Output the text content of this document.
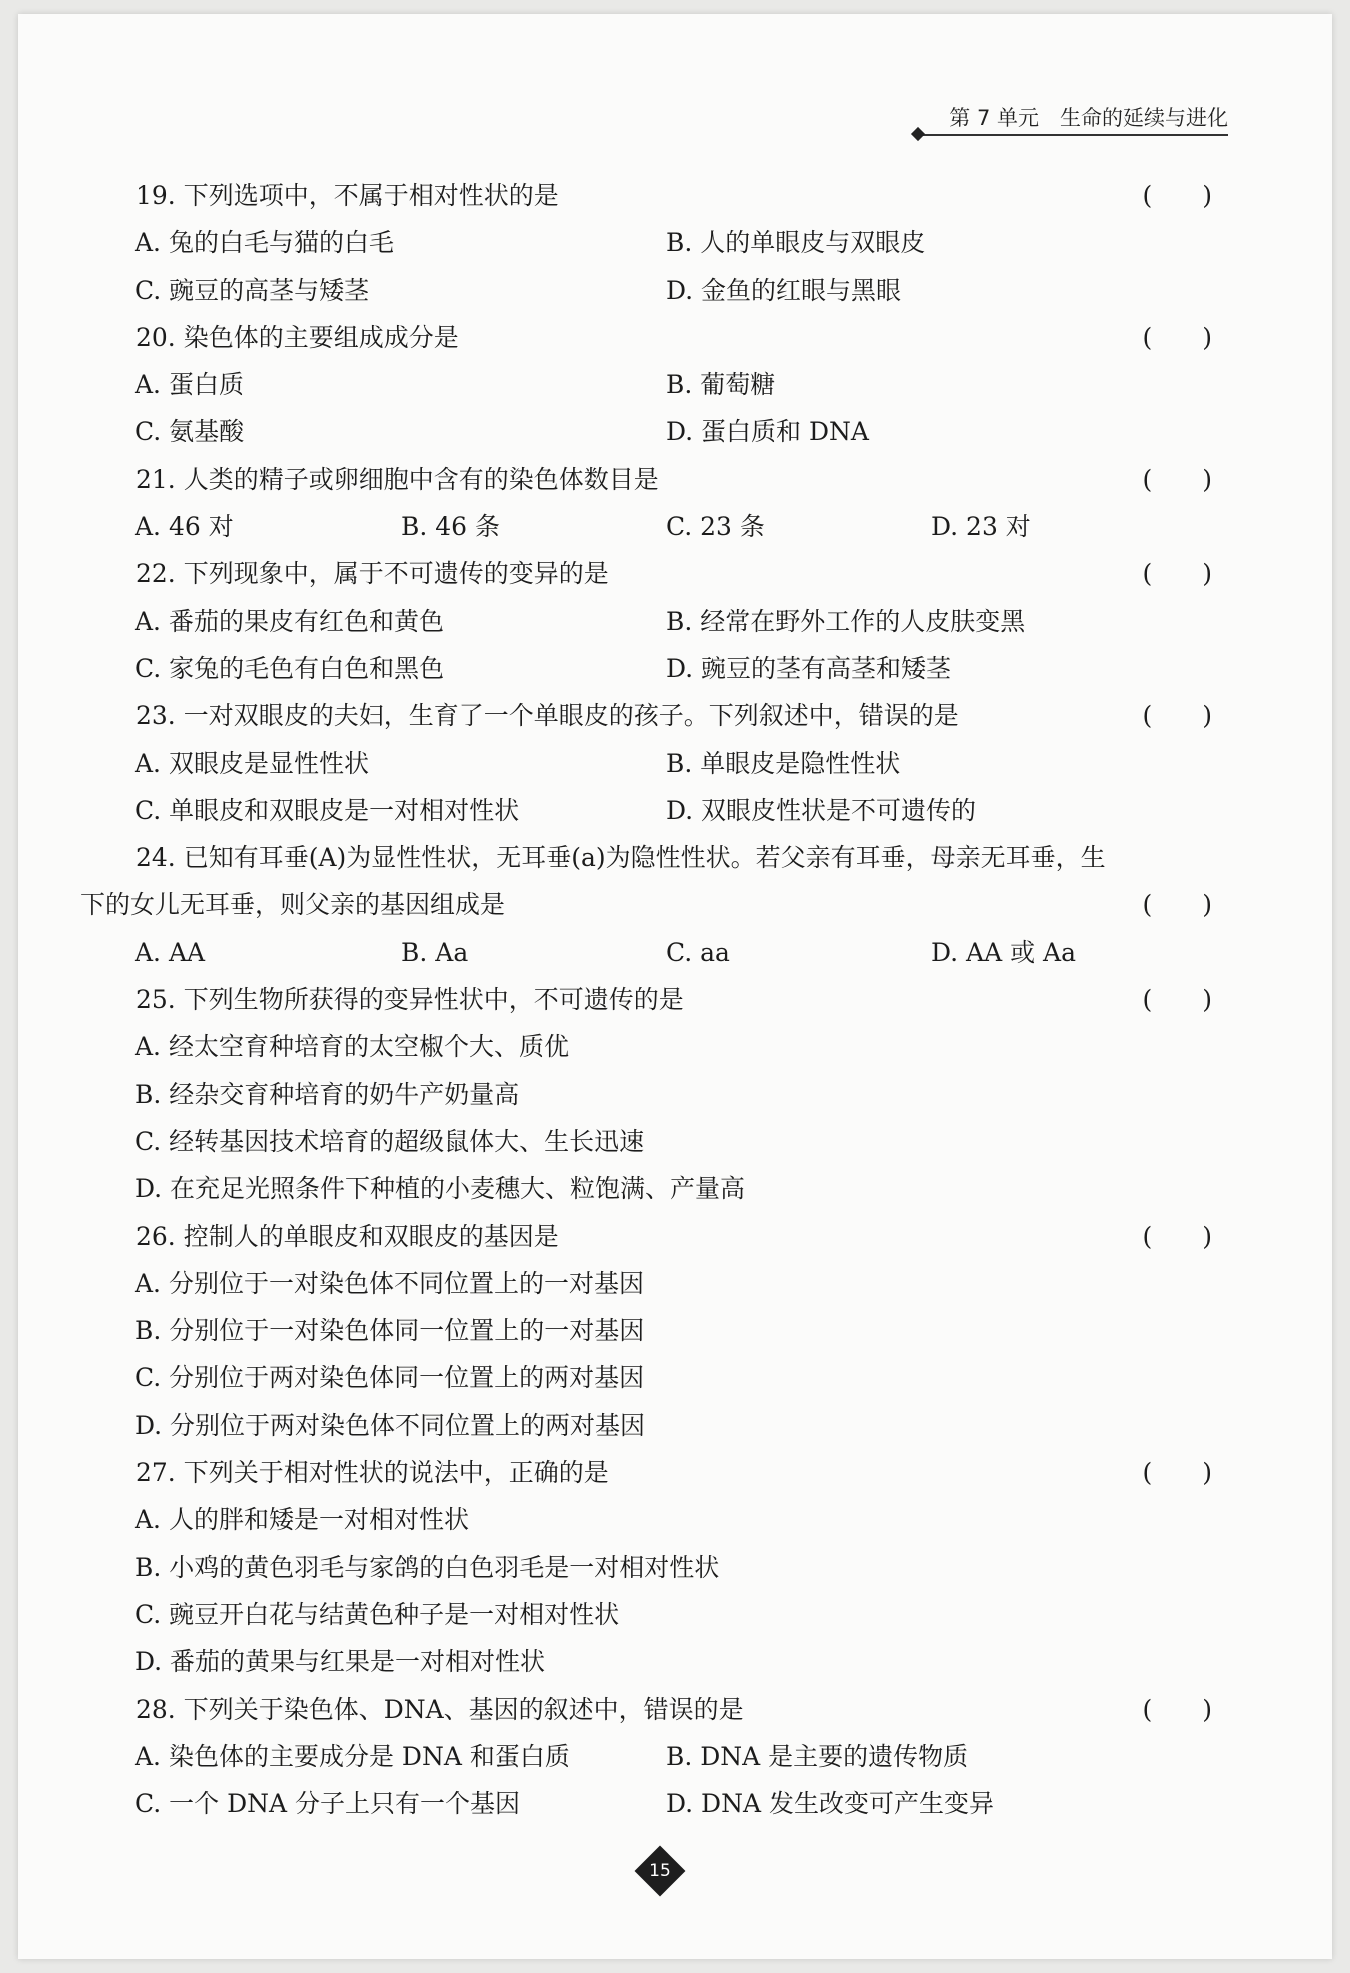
第 7 单元　生命的延续与进化
19. 下列选项中，不属于相对性状的是	(　　)
A. 兔的白毛与猫的白毛	B. 人的单眼皮与双眼皮
C. 豌豆的高茎与矮茎	D. 金鱼的红眼与黑眼
20. 染色体的主要组成成分是	(　　)
A. 蛋白质	B. 葡萄糖
C. 氨基酸	D. 蛋白质和 DNA
21. 人类的精子或卵细胞中含有的染色体数目是	(　　)
A. 46 对	B. 46 条	C. 23 条	D. 23 对
22. 下列现象中，属于不可遗传的变异的是	(　　)
A. 番茄的果皮有红色和黄色	B. 经常在野外工作的人皮肤变黑
C. 家兔的毛色有白色和黑色	D. 豌豆的茎有高茎和矮茎
23. 一对双眼皮的夫妇，生育了一个单眼皮的孩子。下列叙述中，错误的是	(　　)
A. 双眼皮是显性性状	B. 单眼皮是隐性性状
C. 单眼皮和双眼皮是一对相对性状	D. 双眼皮性状是不可遗传的
24. 已知有耳垂(A)为显性性状，无耳垂(a)为隐性性状。若父亲有耳垂，母亲无耳垂，生
下的女儿无耳垂，则父亲的基因组成是	(　　)
A. AA	B. Aa	C. aa	D. AA 或 Aa
25. 下列生物所获得的变异性状中，不可遗传的是	(　　)
A. 经太空育种培育的太空椒个大、质优
B. 经杂交育种培育的奶牛产奶量高
C. 经转基因技术培育的超级鼠体大、生长迅速
D. 在充足光照条件下种植的小麦穗大、粒饱满、产量高
26. 控制人的单眼皮和双眼皮的基因是	(　　)
A. 分别位于一对染色体不同位置上的一对基因
B. 分别位于一对染色体同一位置上的一对基因
C. 分别位于两对染色体同一位置上的两对基因
D. 分别位于两对染色体不同位置上的两对基因
27. 下列关于相对性状的说法中，正确的是	(　　)
A. 人的胖和矮是一对相对性状
B. 小鸡的黄色羽毛与家鸽的白色羽毛是一对相对性状
C. 豌豆开白花与结黄色种子是一对相对性状
D. 番茄的黄果与红果是一对相对性状
28. 下列关于染色体、DNA、基因的叙述中，错误的是	(　　)
A. 染色体的主要成分是 DNA 和蛋白质	B. DNA 是主要的遗传物质
C. 一个 DNA 分子上只有一个基因	D. DNA 发生改变可产生变异
15
